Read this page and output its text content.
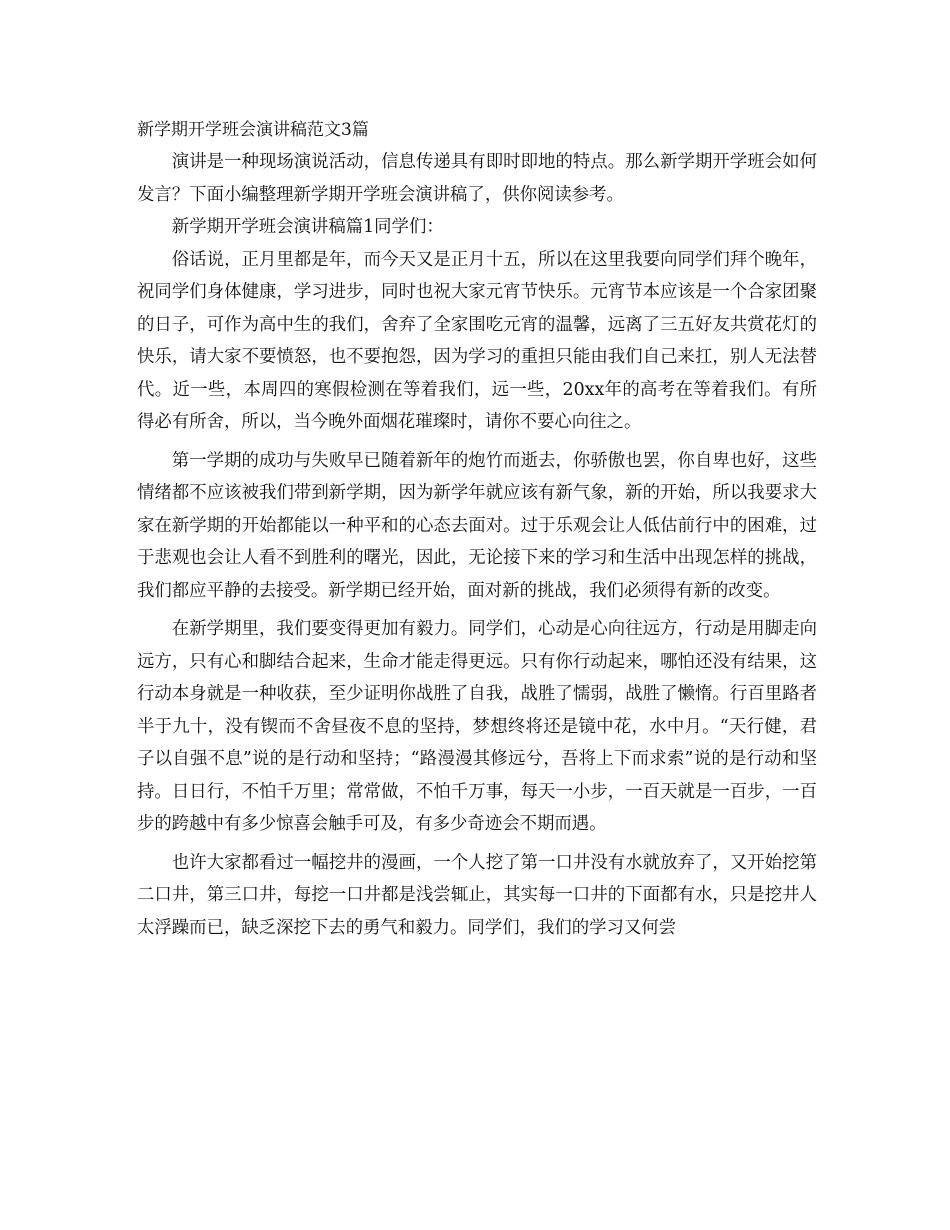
新学期开学班会演讲稿范文3篇

演讲是一种现场演说活动，信息传递具有即时即地的特点。那么新学期开学班会如何发言？下面小编整理新学期开学班会演讲稿了，供你阅读参考。

新学期开学班会演讲稿篇1同学们：

俗话说，正月里都是年，而今天又是正月十五，所以在这里我要向同学们拜个晚年，祝同学们身体健康，学习进步，同时也祝大家元宵节快乐。元宵节本应该是一个合家团聚的日子，可作为高中生的我们，舍弃了全家围吃元宵的温馨，远离了三五好友共赏花灯的快乐，请大家不要愤怒，也不要抱怨，因为学习的重担只能由我们自己来扛，别人无法替代。近一些，本周四的寒假检测在等着我们，远一些，20xx年的高考在等着我们。有所得必有所舍，所以，当今晚外面烟花璀璨时，请你不要心向往之。

第一学期的成功与失败早已随着新年的炮竹而逝去，你骄傲也罢，你自卑也好，这些情绪都不应该被我们带到新学期，因为新学年就应该有新气象，新的开始，所以我要求大家在新学期的开始都能以一种平和的心态去面对。过于乐观会让人低估前行中的困难，过于悲观也会让人看不到胜利的曙光，因此，无论接下来的学习和生活中出现怎样的挑战，我们都应平静的去接受。新学期已经开始，面对新的挑战，我们必须得有新的改变。

在新学期里，我们要变得更加有毅力。同学们，心动是心向往远方，行动是用脚走向远方，只有心和脚结合起来，生命才能走得更远。只有你行动起来，哪怕还没有结果，这行动本身就是一种收获，至少证明你战胜了自我，战胜了懦弱，战胜了懒惰。行百里路者半于九十，没有锲而不舍昼夜不息的坚持，梦想终将还是镜中花，水中月。“天行健，君子以自强不息”说的是行动和坚持；“路漫漫其修远兮，吾将上下而求索”说的是行动和坚持。日日行，不怕千万里；常常做，不怕千万事，每天一小步，一百天就是一百步，一百步的跨越中有多少惊喜会触手可及，有多少奇迹会不期而遇。

也许大家都看过一幅挖井的漫画，一个人挖了第一口井没有水就放弃了，又开始挖第二口井，第三口井，每挖一口井都是浅尝辄止，其实每一口井的下面都有水，只是挖井人太浮躁而已，缺乏深挖下去的勇气和毅力。同学们，我们的学习又何尝
